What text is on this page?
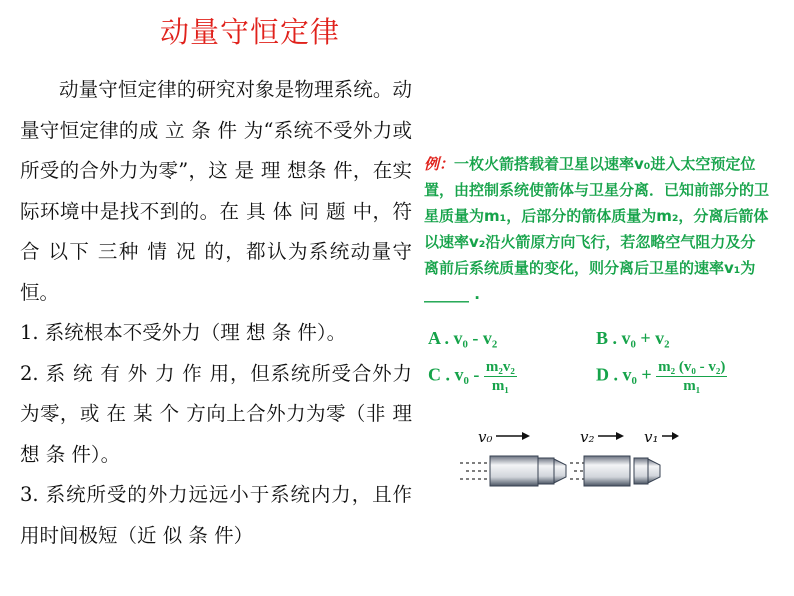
动量守恒定律

动量守恒定律的研究对象是物理系统。动量守恒定律的成 立 条 件 为“系统不受外力或所受的合外力为零”，这 是 理 想条 件，在实际环境中是找不到的。在 具 体 问 题 中，符 合 以下 三种 情 况 的，都认为系统动量守恒。

1. 系统根本不受外力（理 想 条 件）。

2. 系 统 有 外 力 作 用，但系统所受合外力为零，或 在 某 个 方向上合外力为零（非 理 想 条 件）。

3. 系统所受的外力远远小于系统内力，且作用时间极短（近 似 条 件）

例：一枚火箭搭载着卫星以速率v₀进入太空预定位置，由控制系统使箭体与卫星分离．已知前部分的卫星质量为m₁，后部分的箭体质量为m₂，分离后箭体以速率v₂沿火箭原方向飞行，若忽略空气阻力及分离前后系统质量的变化，则分离后卫星的速率v₁为______ .
A . v₀ - v₂	B . v₀ + v₂
C . $v_0 - \frac{\text{m₂v₂}}{\text{m₁}}$	D . $v_0 + \frac{\text{m₂ (v₀ - v₂)}}{\text{m₁}}$
v₀	v₂	v₁
